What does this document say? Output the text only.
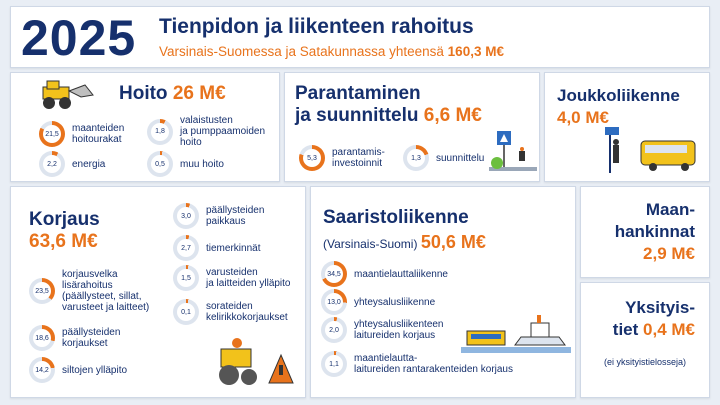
2025 Tienpidon ja liikenteen rahoitus
Varsinais-Suomessa ja Satakunnassa yhteensä 160,3 M€
Hoito 26 M€
21,5 maanteiden
hoitourakat
2,2	energia
1,8
valaistusten
ja pumppaamoiden
hoito
0,5	muu hoito
Parantaminen
ja suunnittelu 6,6 M€
5,3	parantamis-
investoinnit	1,3	suunnittelu
Joukkoliikenne
4,0 M€
Korjaus
63,6 M€
23,5
korjausvelka
lisärahoitus
(päällysteet, sillat,
varusteet ja laitteet)
18,6 päällysteiden
korjaukset
14,2 siltojen ylläpito
3,0	päällysteiden
paikkaus
2,7	tiemerkinnät
1,5	varusteiden
ja laitteiden ylläpito
0,1	sorateiden
kelirikkokorjaukset
Saaristoliikenne
(Varsinais-Suomi) 50,6 M€
34,5 maantielauttaliikenne
13,0 yhteysalusliikenne
2,0	yhteysalusliikenteen
laitureiden korjaus
1,1	maantielautta-
laitureiden rantarakenteiden korjaus
Maan-
hankinnat
2,9 M€
Yksityis-
tiet 0,4 M€
(ei yksityistielosseja)
